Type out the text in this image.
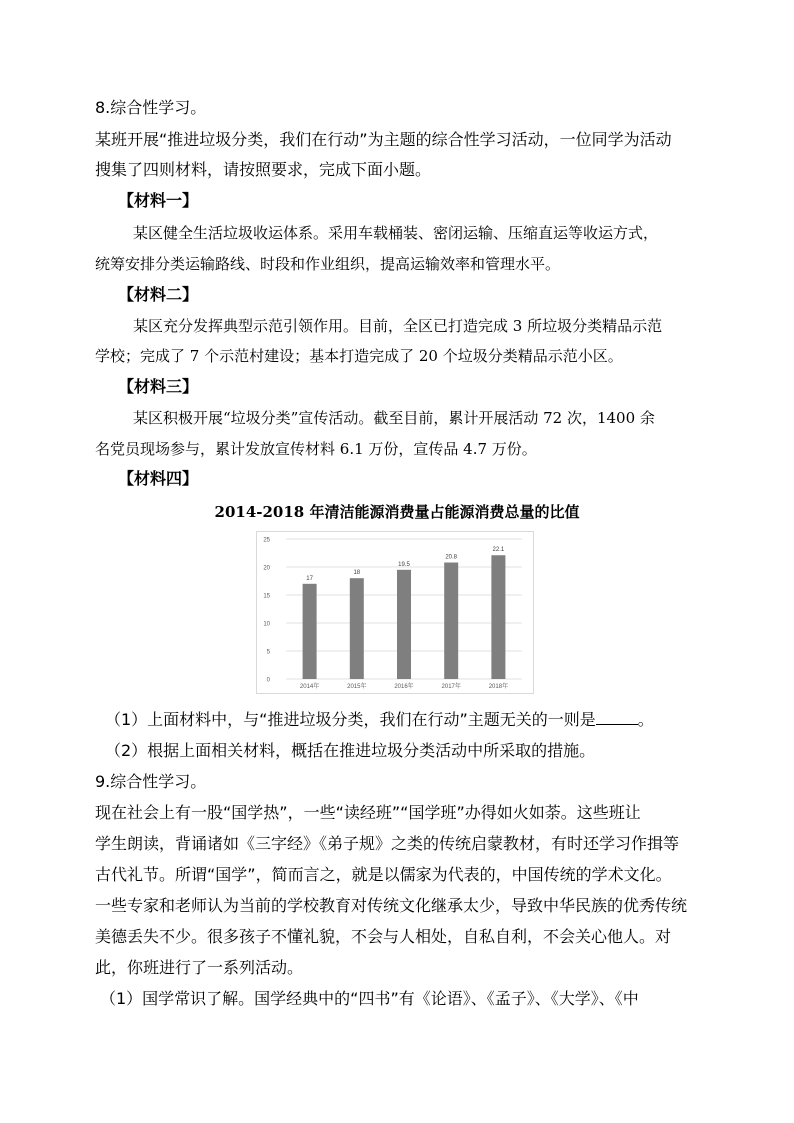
8.综合性学习。
某班开展“推进垃圾分类，我们在行动”为主题的综合性学习活动，一位同学为活动
搜集了四则材料，请按照要求，完成下面小题。
【材料一】
某区健全生活垃圾收运体系。采用车载桶装、密闭运输、压缩直运等收运方式，
统筹安排分类运输路线、时段和作业组织，提高运输效率和管理水平。
【材料二】
某区充分发挥典型示范引领作用。目前，全区已打造完成 3 所垃圾分类精品示范
学校；完成了 7 个示范村建设；基本打造完成了 20 个垃圾分类精品示范小区。
【材料三】
某区积极开展“垃圾分类”宣传活动。截至目前，累计开展活动 72 次，1400 余
名党员现场参与，累计发放宣传材料 6.1 万份，宣传品 4.7 万份。
【材料四】
2014-2018 年清洁能源消费量占能源消费总量的比值
0
5
10
15
20
25
17
2014年
18
2015年
19.5
2016年
20.8
2017年
22.1
2018年
（1）上面材料中，与“推进垃圾分类，我们在行动”主题无关的一则是	。
（2）根据上面相关材料，概括在推进垃圾分类活动中所采取的措施。
9.综合性学习。
现在社会上有一股“国学热”，一些“读经班”“国学班”办得如火如荼。这些班让
学生朗读，背诵诸如《三字经》《弟子规》之类的传统启蒙教材，有时还学习作揖等
古代礼节。所谓“国学”，简而言之，就是以儒家为代表的，中国传统的学术文化。
一些专家和老师认为当前的学校教育对传统文化继承太少，导致中华民族的优秀传统
美德丢失不少。很多孩子不懂礼貌，不会与人相处，自私自利，不会关心他人。对
此，你班进行了一系列活动。
（1）国学常识了解。国学经典中的“四书”有《论语》、《孟子》、《大学》、《中
